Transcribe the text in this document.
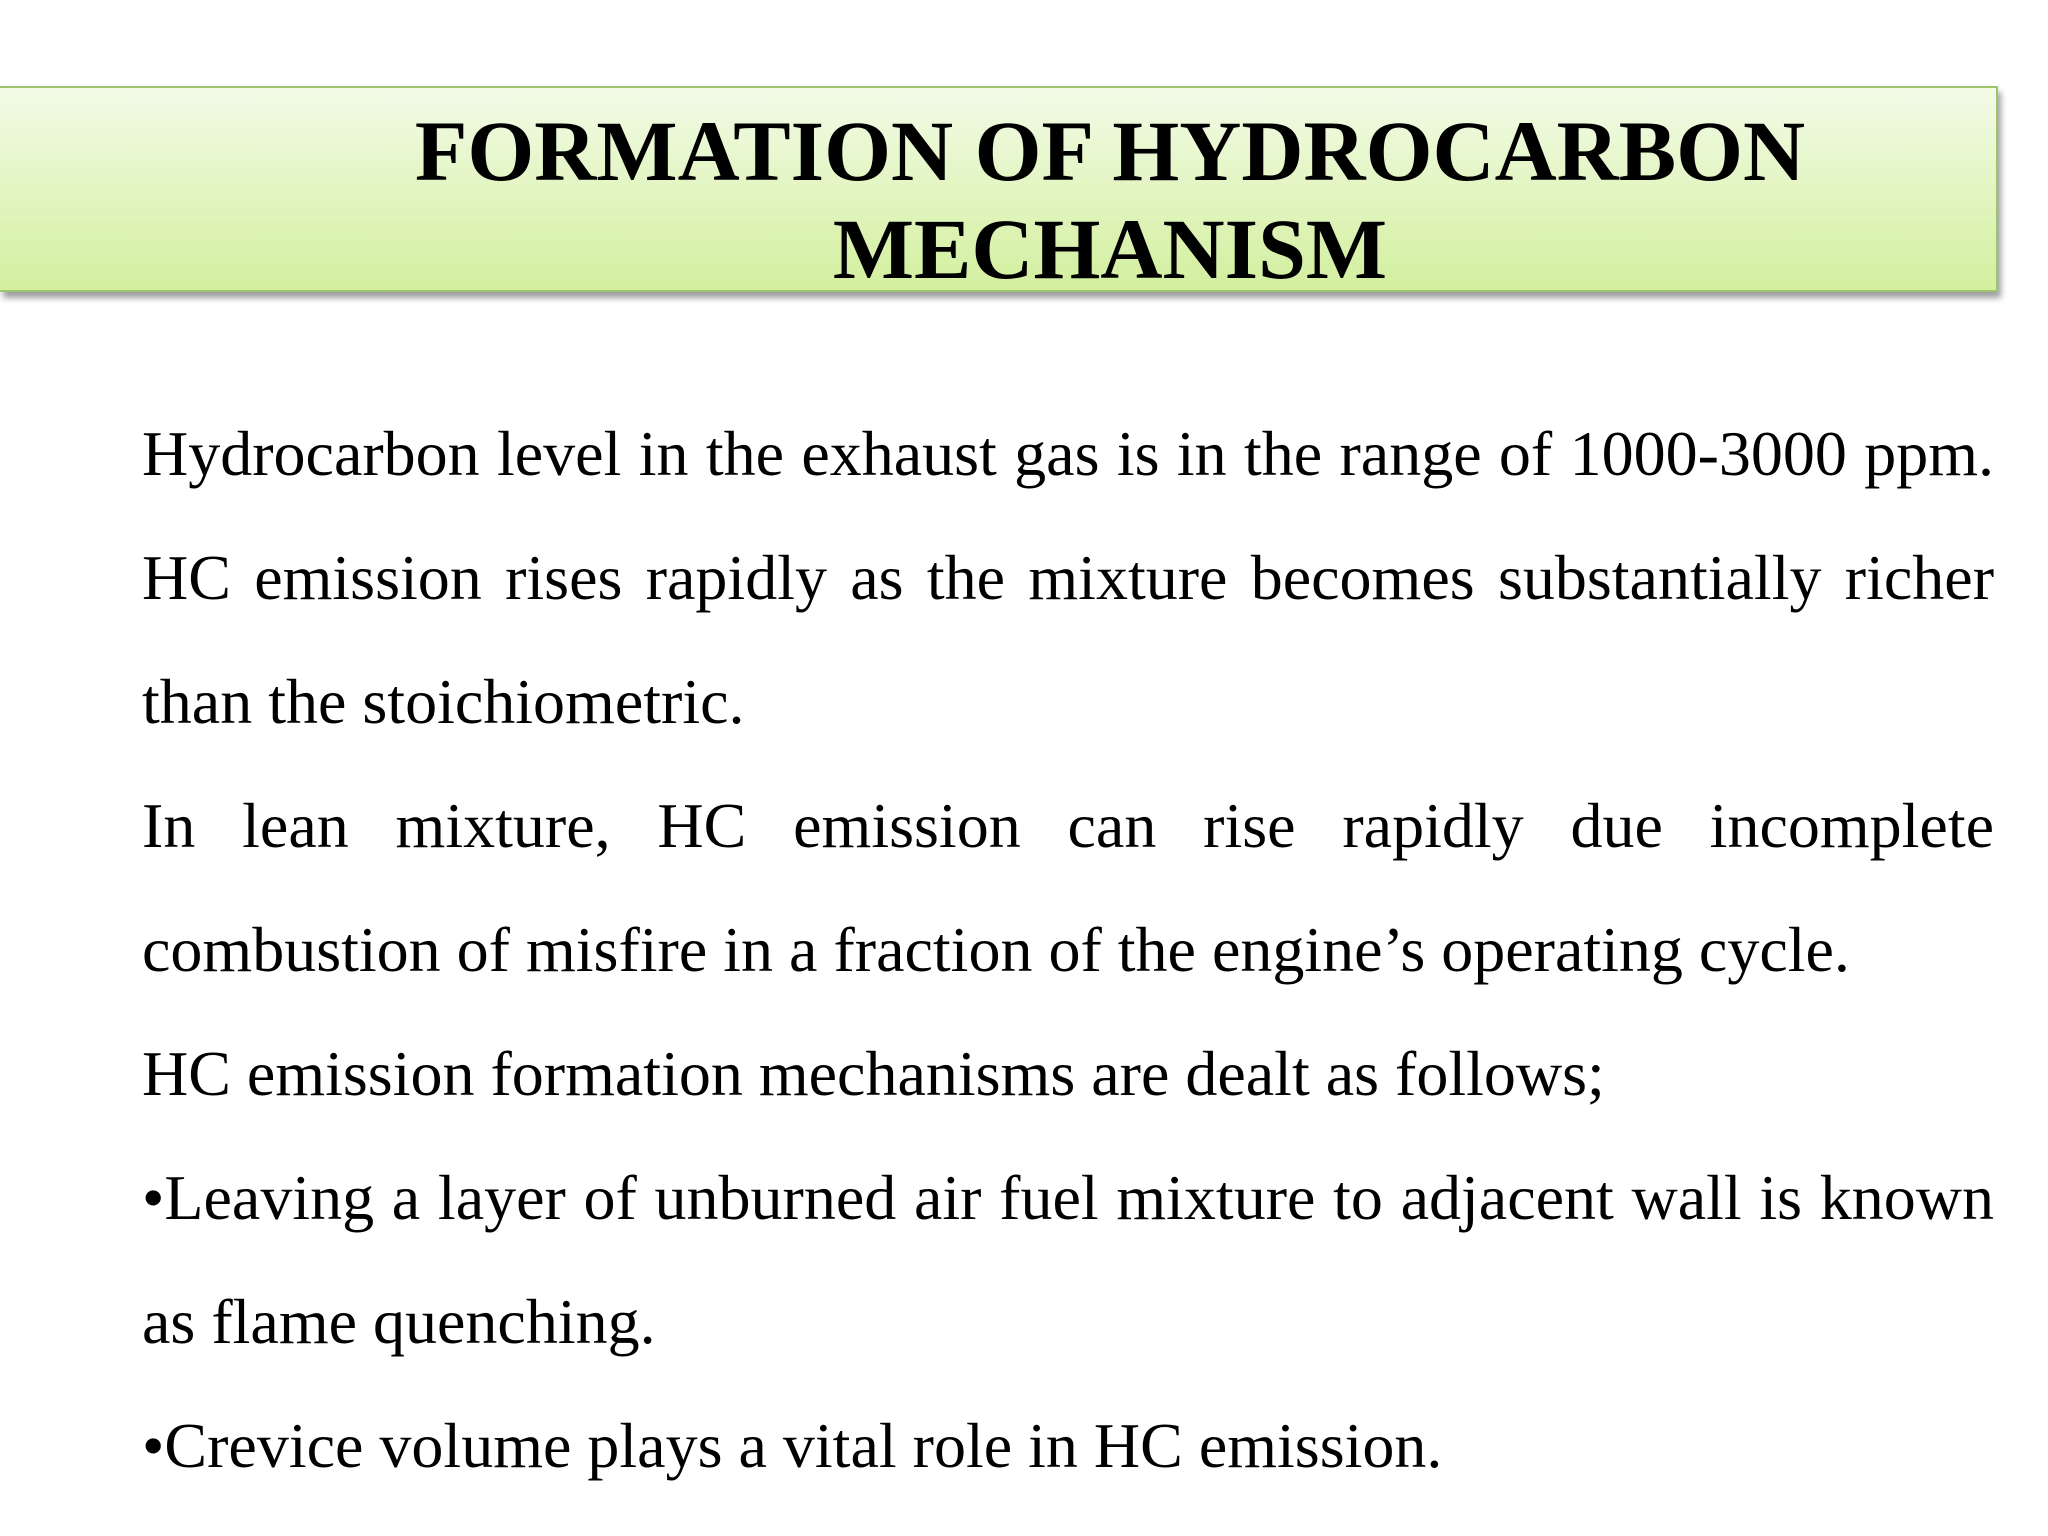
FORMATION OF HYDROCARBON
MECHANISM

Hydrocarbon level in the exhaust gas is in the range of 1000-3000 ppm. HC emission rises rapidly as the mixture becomes substantially richer than the stoichiometric.

In lean mixture, HC emission can rise rapidly due incomplete combustion of misfire in a fraction of the engine’s operating cycle.

HC emission formation mechanisms are dealt as follows;

•Leaving a layer of unburned air fuel mixture to adjacent wall is known as flame quenching.

•Crevice volume plays a vital role in HC emission.
